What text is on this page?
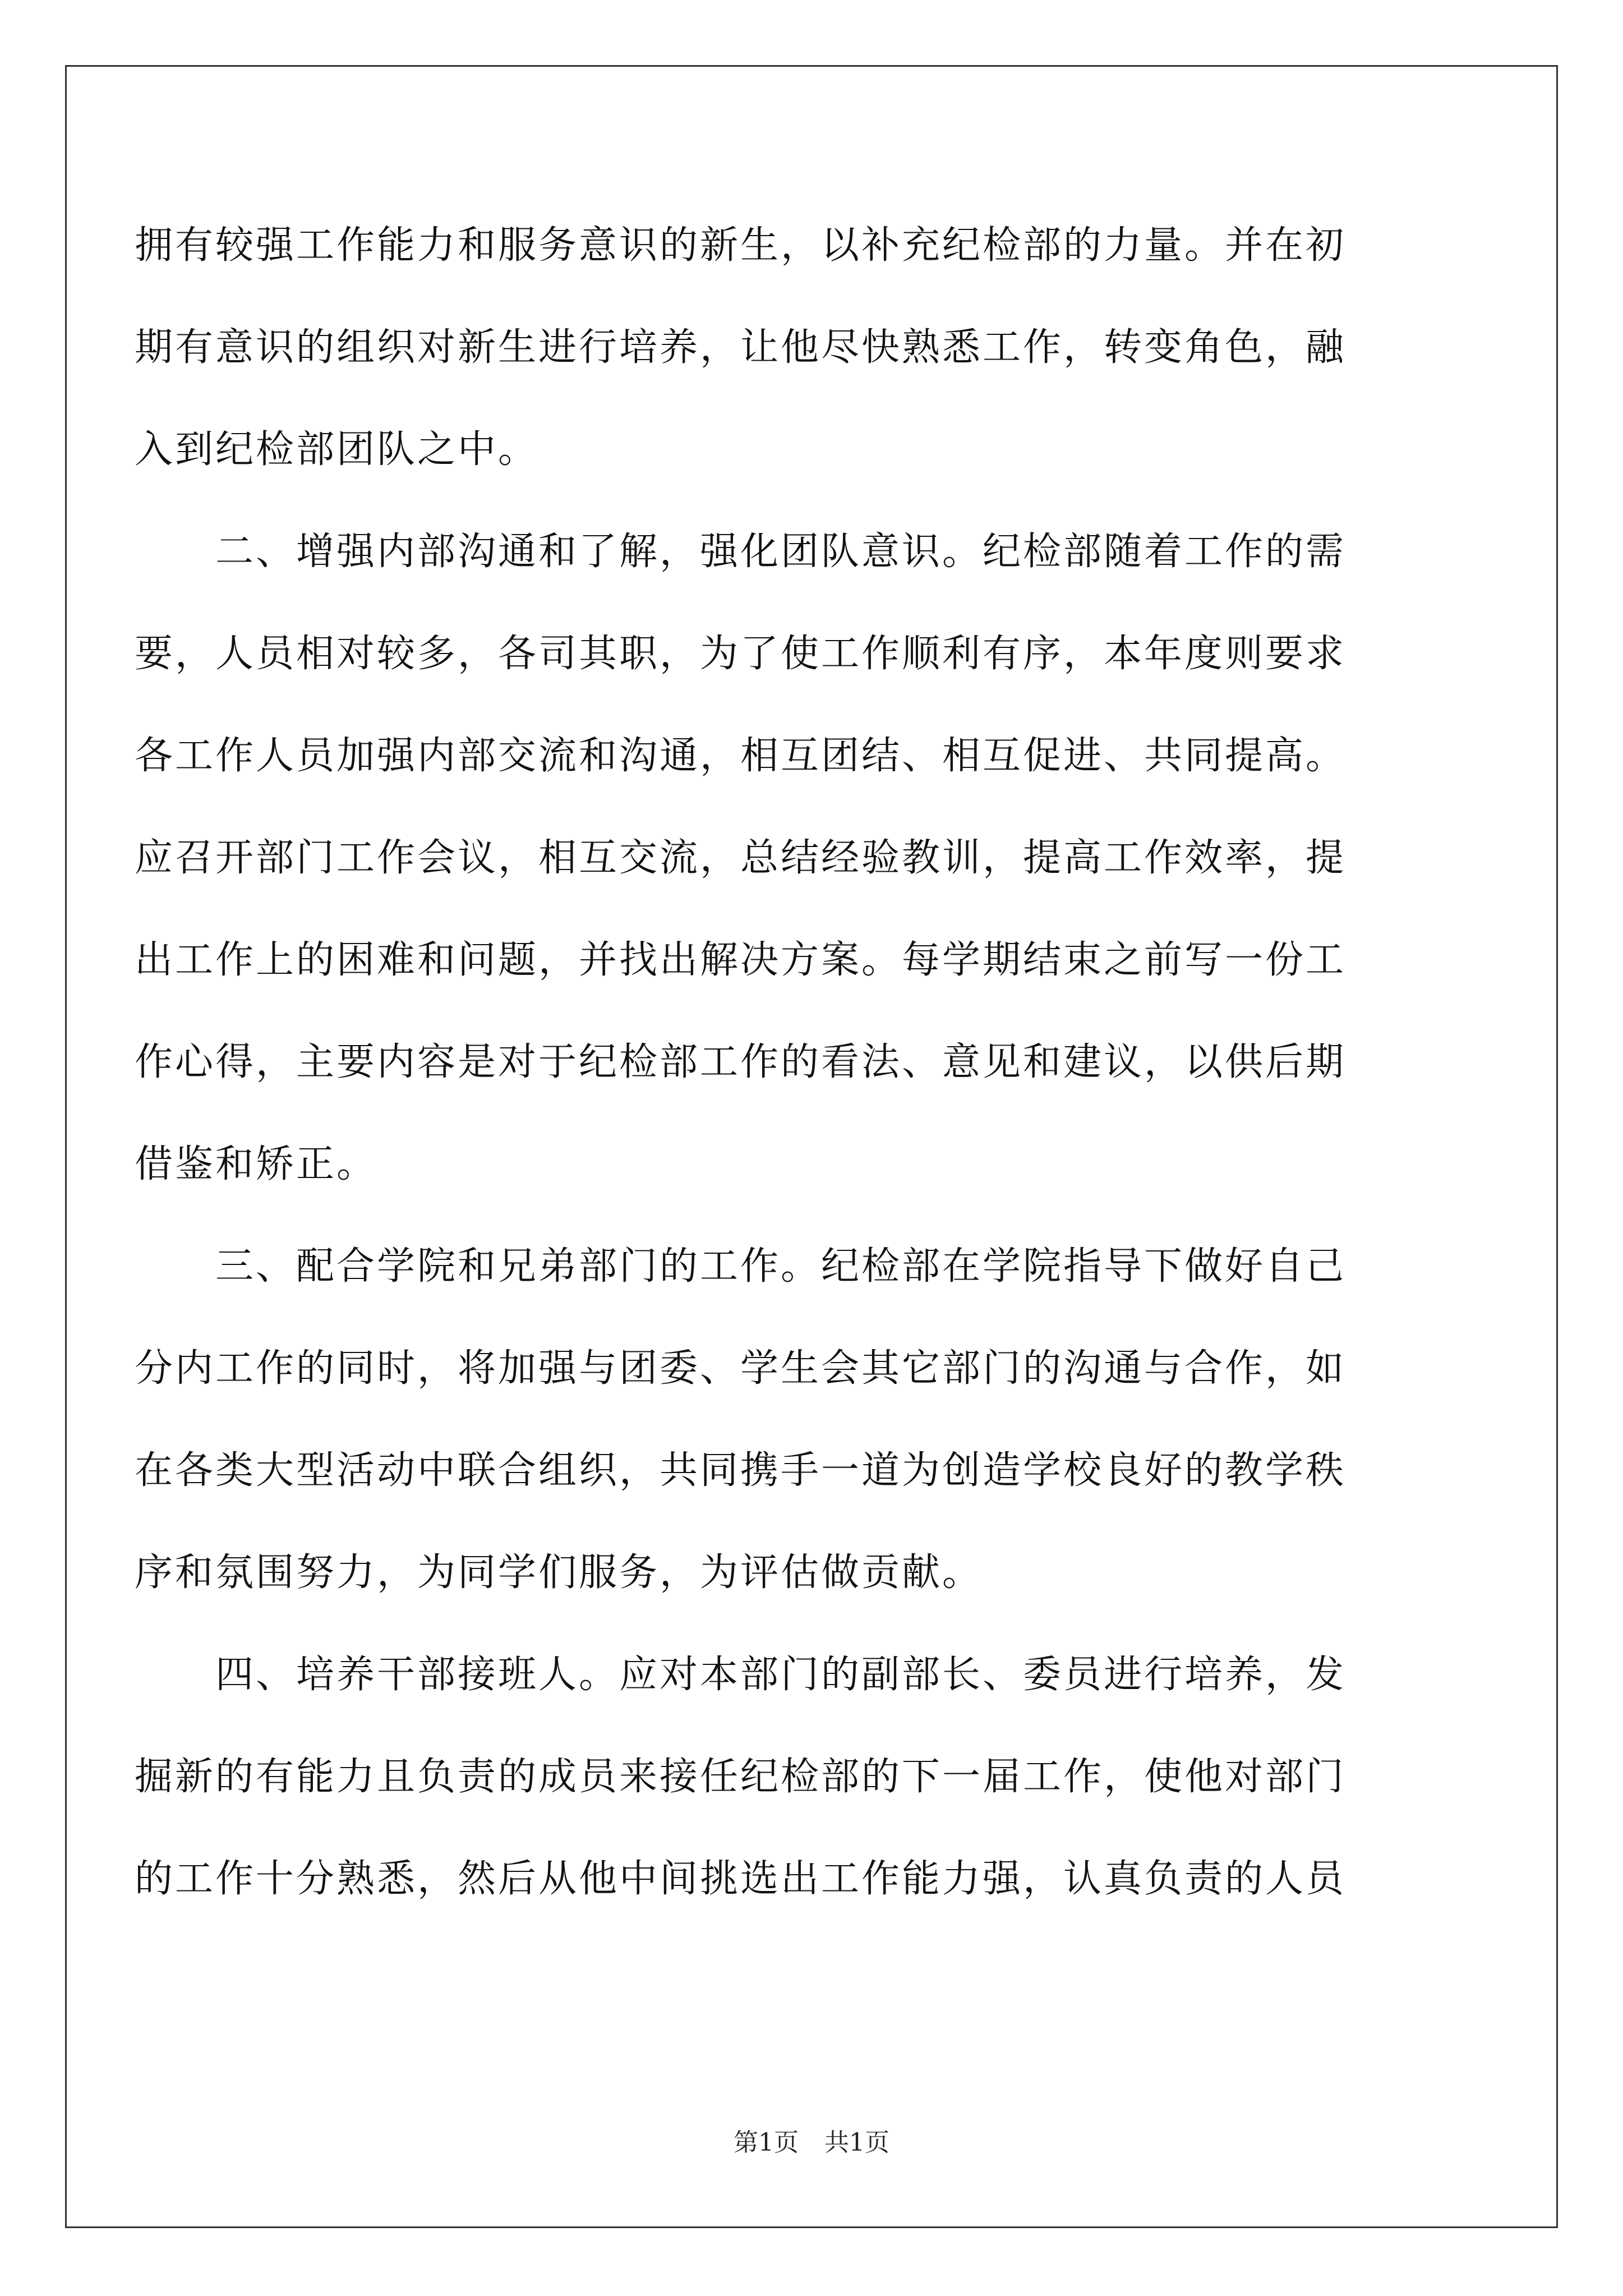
拥有较强工作能力和服务意识的新生，以补充纪检部的力量。并在初
期有意识的组织对新生进行培养，让他尽快熟悉工作，转变角色，融
入到纪检部团队之中。
　　二、增强内部沟通和了解，强化团队意识。纪检部随着工作的需
要，人员相对较多，各司其职，为了使工作顺利有序，本年度则要求
各工作人员加强内部交流和沟通，相互团结、相互促进、共同提高。
应召开部门工作会议，相互交流，总结经验教训，提高工作效率，提
出工作上的困难和问题，并找出解决方案。每学期结束之前写一份工
作心得，主要内容是对于纪检部工作的看法、意见和建议，以供后期
借鉴和矫正。
　　三、配合学院和兄弟部门的工作。纪检部在学院指导下做好自己
分内工作的同时，将加强与团委、学生会其它部门的沟通与合作，如
在各类大型活动中联合组织，共同携手一道为创造学校良好的教学秩
序和氛围努力，为同学们服务，为评估做贡献。
　　四、培养干部接班人。应对本部门的副部长、委员进行培养，发
掘新的有能力且负责的成员来接任纪检部的下一届工作，使他对部门
的工作十分熟悉，然后从他中间挑选出工作能力强，认真负责的人员
第1页 共1页
